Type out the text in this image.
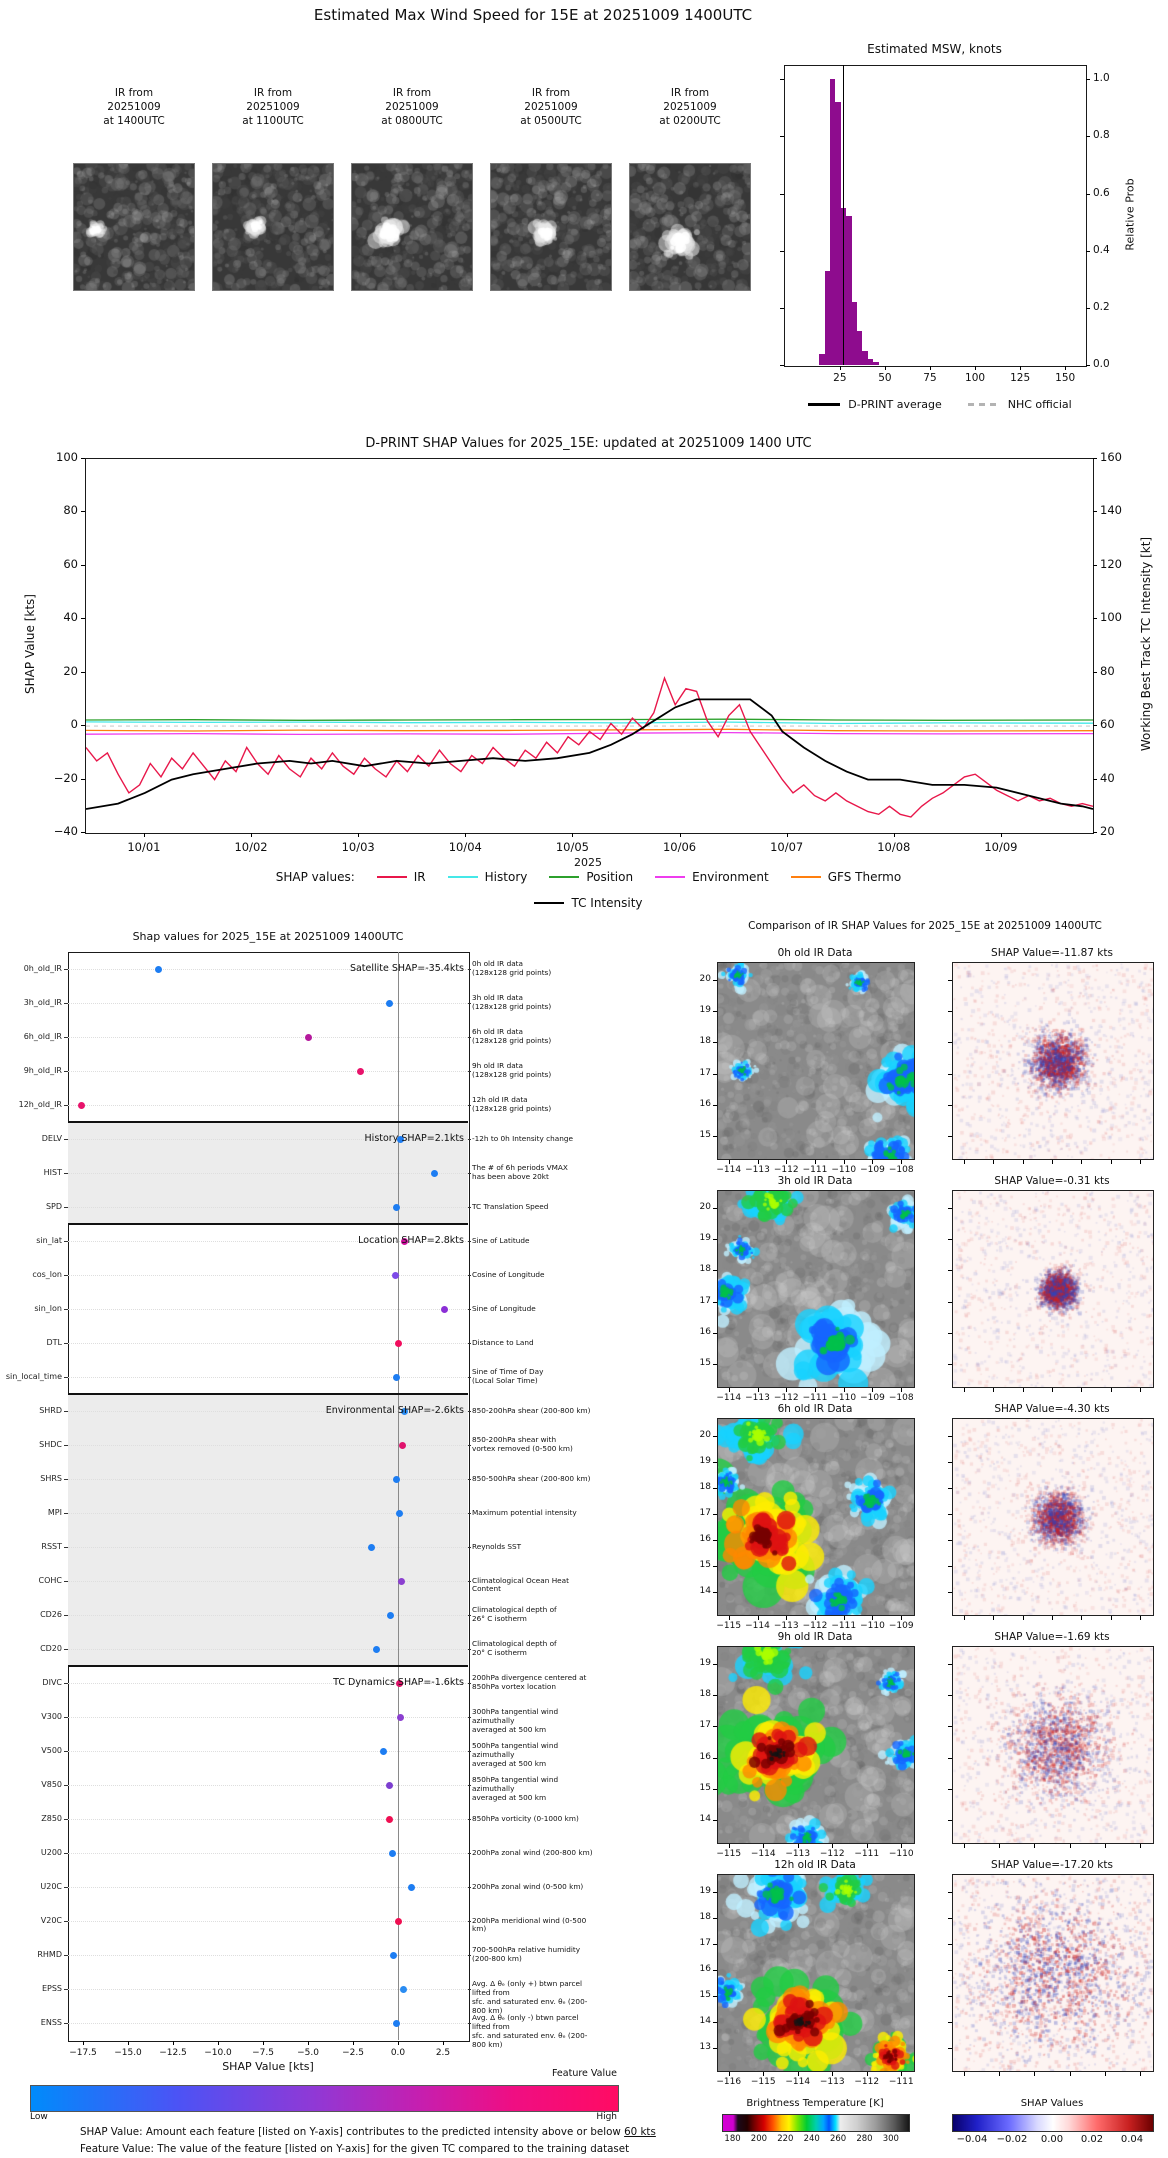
Estimated Max Wind Speed for 15E at 20251009 1400UTC
Estimated MSW, knots
Relative Prob
D-PRINT average	NHC official
D-PRINT SHAP Values for 2025_15E: updated at 20251009 1400 UTC
SHAP Value [kts]	Working Best Track TC Intensity [kt]
2025
SHAP values:	IR	History	Position	Environment	GFS Thermo
TC Intensity
Shap values for 2025_15E at 20251009 1400UTC
SHAP Value [kts]
Feature Value
Low	High
SHAP Value: Amount each feature [listed on Y-axis] contributes to the predicted intensity above or below 60 kts
Feature Value: The value of the feature [listed on Y-axis] for the given TC compared to the training dataset
Comparison of IR SHAP Values for 2025_15E at 20251009 1400UTC
Brightness Temperature [K]	SHAP Values
IR from
20251009
at 1400UTC
IR from
20251009
at 1100UTC
IR from
20251009
at 0800UTC
IR from
20251009
at 0500UTC
IR from
20251009
at 0200UTC
0.0
0.2
0.4
0.6
0.8
1.0
25	50	75	100	125	150
100
80
60
40
20
0
−20
−40
160
140
120
100
80
60
40
20
10/01	10/02	10/03	10/04	10/05	10/06	10/07	10/08	10/09
0h_old_IR
0h old IR data
(128x128 grid points)
Satellite SHAP=-35.4kts
3h_old_IR
3h old IR data
(128x128 grid points)
6h_old_IR
6h old IR data
(128x128 grid points)
9h_old_IR
9h old IR data
(128x128 grid points)
12h_old_IR
12h old IR data
(128x128 grid points)
DELV	-12h to 0h Intensity change
History SHAP=2.1kts
HIST
The # of 6h periods VMAX
has been above 20kt
SPD	TC Translation Speed
sin_lat	Sine of Latitude
Location SHAP=2.8kts
cos_lon	Cosine of Longitude
sin_lon	Sine of Longitude
DTL	Distance to Land
sin_local_time
Sine of Time of Day
(Local Solar Time)
SHRD	850-200hPa shear (200-800 km)
Environmental SHAP=-2.6kts
SHDC
850-200hPa shear with
vortex removed (0-500 km)
SHRS	850-500hPa shear (200-800 km)
MPI	Maximum potential intensity
RSST	Reynolds SST
COHC	Climatological Ocean Heat Content
CD26
Climatological depth of
26° C isotherm
CD20
Climatological depth of
20° C isotherm
DIVC
200hPa divergence centered at
850hPa vortex location
TC Dynamics SHAP=-1.6kts
V300
300hPa tangential wind azimuthally
averaged at 500 km
V500
500hPa tangential wind azimuthally
averaged at 500 km
V850
850hPa tangential wind azimuthally
averaged at 500 km
Z850	850hPa vorticity (0-1000 km)
U200	200hPa zonal wind (200-800 km)
U20C	200hPa zonal wind (0-500 km)
V20C	200hPa meridional wind (0-500 km)
RHMD
700-500hPa relative humidity
(200-800 km)
EPSS
Avg. Δ θₑ (only +) btwn parcel lifted from
sfc. and saturated env. θₑ (200-800 km)
ENSS
Avg. Δ θₑ (only -) btwn parcel lifted from
sfc. and saturated env. θₑ (200-800 km)
−17.5	−15.0	−12.5	−10.0	−7.5	−5.0	−2.5	0.0	2.5
0h old IR Data	SHAP Value=-11.87 kts
20
19
18
17
16
15
−114 −113 −112 −111 −110 −109 −108
3h old IR Data	SHAP Value=-0.31 kts
20
19
18
17
16
15
−114 −113 −112 −111 −110 −109 −108
6h old IR Data	SHAP Value=-4.30 kts
20
19
18
17
16
15
14
−115 −114 −113 −112 −111 −110 −109
9h old IR Data	SHAP Value=-1.69 kts
19
18
17
16
15
14
−115	−114	−113	−112	−111	−110
12h old IR Data	SHAP Value=-17.20 kts
19
18
17
16
15
14
13
−116	−115	−114	−113	−112	−111
180	200	220	240	260	280	300	−0.04 −0.02	0.00	0.02	0.04
